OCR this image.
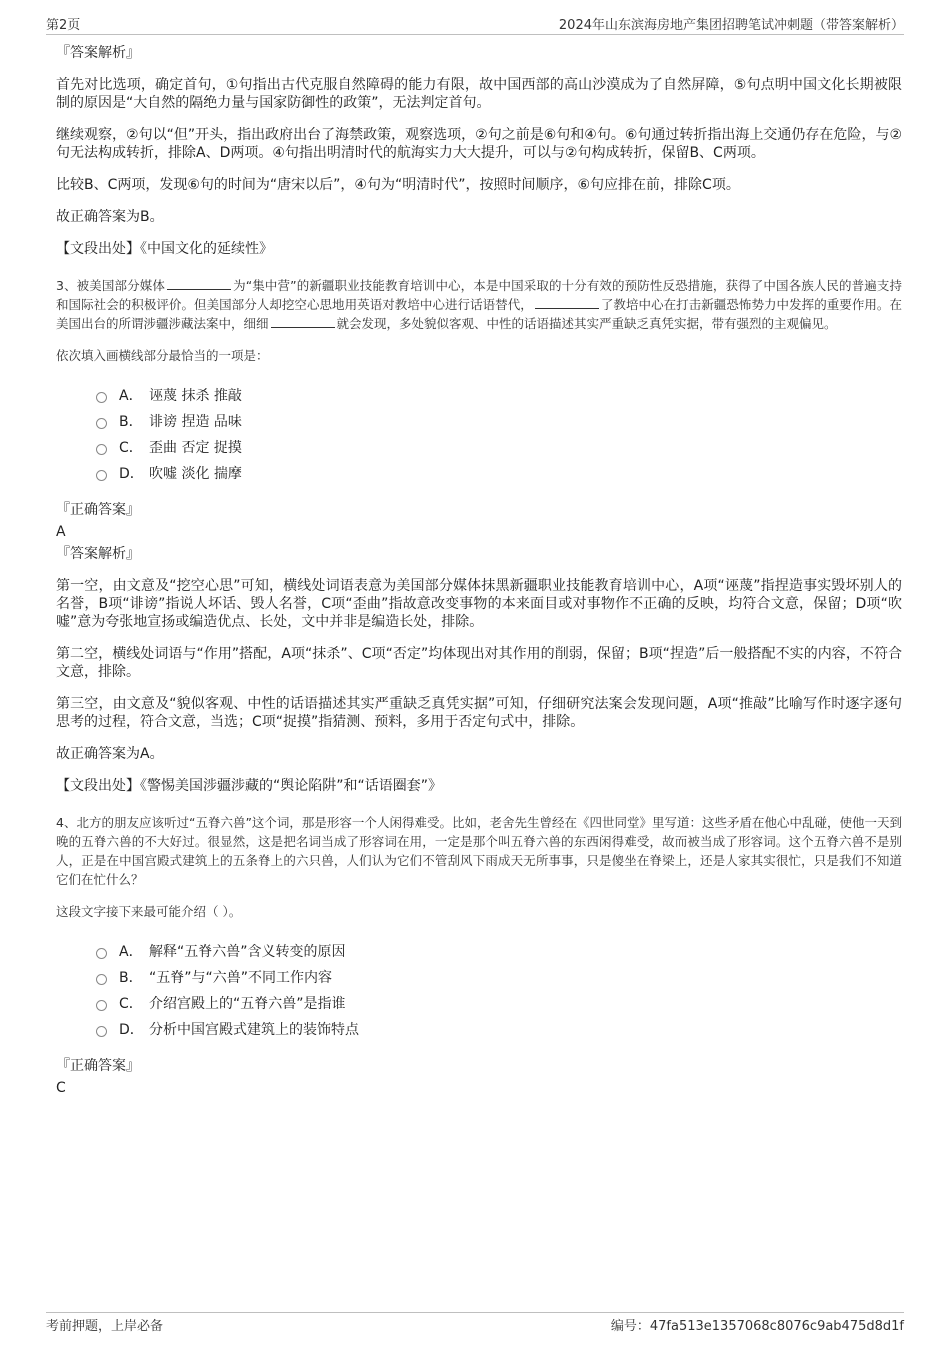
第2页	2024年山东滨海房地产集团招聘笔试冲刺题（带答案解析）
『答案解析』

首先对比选项，确定首句，①句指出古代克服自然障碍的能力有限，故中国西部的高山沙漠成为了自然屏障，⑤句点明中国文化长期被限制的原因是“大自然的隔绝力量与国家防御性的政策”，无法判定首句。

继续观察，②句以“但”开头，指出政府出台了海禁政策，观察选项，②句之前是⑥句和④句。⑥句通过转折指出海上交通仍存在危险，与②句无法构成转折，排除A、D两项。④句指出明清时代的航海实力大大提升，可以与②句构成转折，保留B、C两项。

比较B、C两项，发现⑥句的时间为“唐宋以后”，④句为“明清时代”，按照时间顺序，⑥句应排在前，排除C项。

故正确答案为B。

【文段出处】《中国文化的延续性》

3、被美国部分媒体	为“集中营”的新疆职业技能教育培训中心，本是中国采取的十分有效的预防性反恐措施，获得了中国各族人民的普遍支持和国际社会的积极评价。但美国部分人却挖空心思地用英语对教培中心进行话语替代，	了教培中心在打击新疆恐怖势力中发挥的重要作用。在美国出台的所谓涉疆涉藏法案中，细细	就会发现，多处貌似客观、中性的话语描述其实严重缺乏真凭实据，带有强烈的主观偏见。

依次填入画横线部分最恰当的一项是：

A． 诬蔑 抹杀 推敲
B． 诽谤 捏造 品味
C． 歪曲 否定 捉摸
D． 吹嘘 淡化 揣摩
『正确答案』
A
『答案解析』

第一空，由文意及“挖空心思”可知，横线处词语表意为美国部分媒体抹黑新疆职业技能教育培训中心，A项“诬蔑”指捏造事实毁坏别人的名誉，B项“诽谤”指说人坏话、毁人名誉，C项“歪曲”指故意改变事物的本来面目或对事物作不正确的反映，均符合文意，保留；D项“吹嘘”意为夸张地宣扬或编造优点、长处，文中并非是编造长处，排除。

第二空，横线处词语与“作用”搭配，A项“抹杀”、C项“否定”均体现出对其作用的削弱，保留；B项“捏造”后一般搭配不实的内容，不符合文意，排除。

第三空，由文意及“貌似客观、中性的话语描述其实严重缺乏真凭实据”可知，仔细研究法案会发现问题，A项“推敲”比喻写作时逐字逐句思考的过程，符合文意，当选；C项“捉摸”指猜测、预料，多用于否定句式中，排除。

故正确答案为A。

【文段出处】《警惕美国涉疆涉藏的“舆论陷阱”和“话语圈套”》

4、北方的朋友应该听过“五脊六兽”这个词，那是形容一个人闲得难受。比如，老舍先生曾经在《四世同堂》里写道：这些矛盾在他心中乱碰，使他一天到晚的五脊六兽的不大好过。很显然，这是把名词当成了形容词在用，一定是那个叫五脊六兽的东西闲得难受，故而被当成了形容词。这个五脊六兽不是别人，正是在中国宫殿式建筑上的五条脊上的六只兽，人们认为它们不管刮风下雨成天无所事事，只是傻坐在脊梁上，还是人家其实很忙，只是我们不知道它们在忙什么？

这段文字接下来最可能介绍（ ）。

A． 解释“五脊六兽”含义转变的原因
B． “五脊”与“六兽”不同工作内容
C． 介绍宫殿上的“五脊六兽”是指谁
D． 分析中国宫殿式建筑上的装饰特点
『正确答案』
C
考前押题，上岸必备	编号：47fa513e1357068c8076c9ab475d8d1f
